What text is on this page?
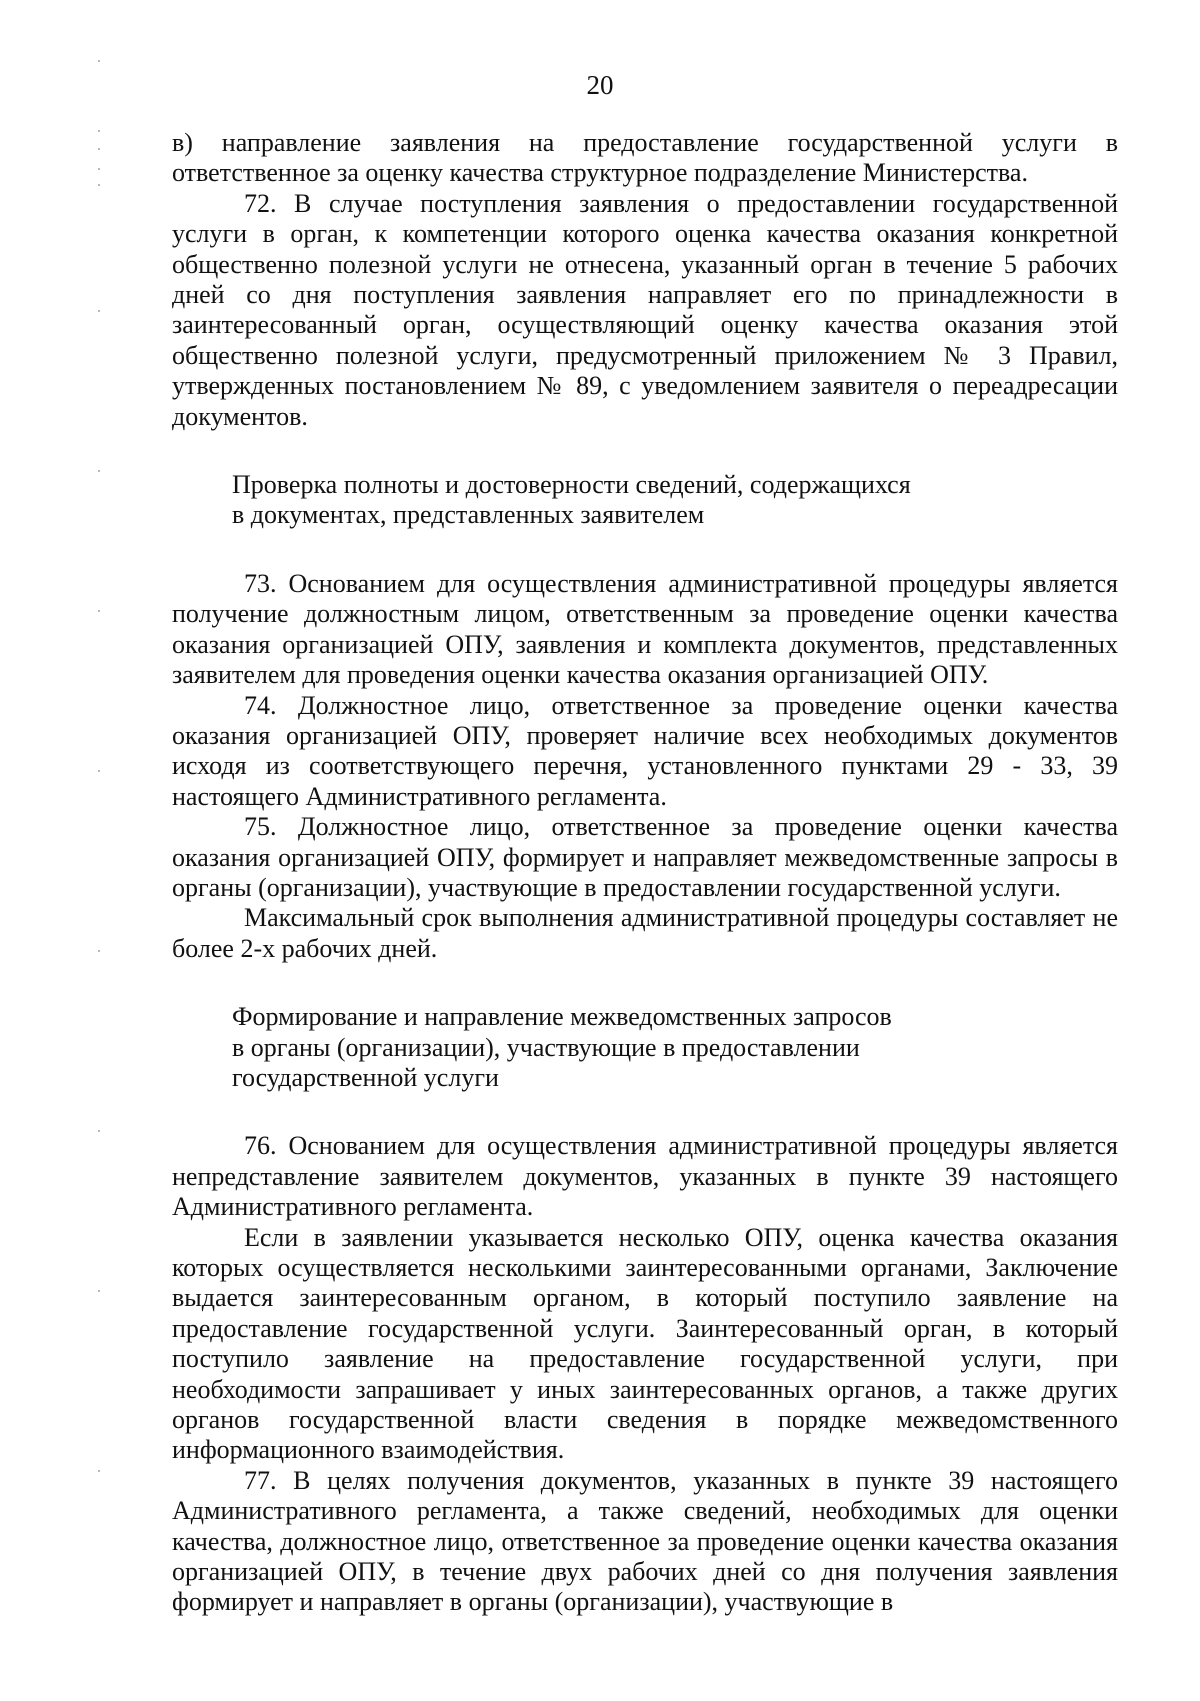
20

в) направление заявления на предоставление государственной услуги в ответственное за оценку качества структурное подразделение Министерства.

72. В случае поступления заявления о предоставлении государственной услуги в орган, к компетенции которого оценка качества оказания конкретной общественно полезной услуги не отнесена, указанный орган в течение 5 рабочих дней со дня поступления заявления направляет его по принадлежности в заинтересованный орган, осуществляющий оценку качества оказания этой общественно полезной услуги, предусмотренный приложением № 3 Правил, утвержденных постановлением № 89, с уведомлением заявителя о переадресации документов.

Проверка полноты и достоверности сведений, содержащихся
в документах, представленных заявителем

73. Основанием для осуществления административной процедуры является получение должностным лицом, ответственным за проведение оценки качества оказания организацией ОПУ, заявления и комплекта документов, представленных заявителем для проведения оценки качества оказания организацией ОПУ.

74. Должностное лицо, ответственное за проведение оценки качества оказания организацией ОПУ, проверяет наличие всех необходимых документов исходя из соответствующего перечня, установленного пунктами 29 - 33, 39 настоящего Административного регламента.

75. Должностное лицо, ответственное за проведение оценки качества оказания организацией ОПУ, формирует и направляет межведомственные запросы в органы (организации), участвующие в предоставлении государственной услуги.

Максимальный срок выполнения административной процедуры составляет не более 2-х рабочих дней.

Формирование и направление межведомственных запросов
в органы (организации), участвующие в предоставлении
государственной услуги

76. Основанием для осуществления административной процедуры является непредставление заявителем документов, указанных в пункте 39 настоящего Административного регламента.

Если в заявлении указывается несколько ОПУ, оценка качества оказания которых осуществляется несколькими заинтересованными органами, Заключение выдается заинтересованным органом, в который поступило заявление на предоставление государственной услуги. Заинтересованный орган, в который поступило заявление на предоставление государственной услуги, при необходимости запрашивает у иных заинтересованных органов, а также других органов государственной власти сведения в порядке межведомственного информационного взаимодействия.

77. В целях получения документов, указанных в пункте 39 настоящего Административного регламента, а также сведений, необходимых для оценки качества, должностное лицо, ответственное за проведение оценки качества оказания организацией ОПУ, в течение двух рабочих дней со дня получения заявления формирует и направляет в органы (организации), участвующие в
